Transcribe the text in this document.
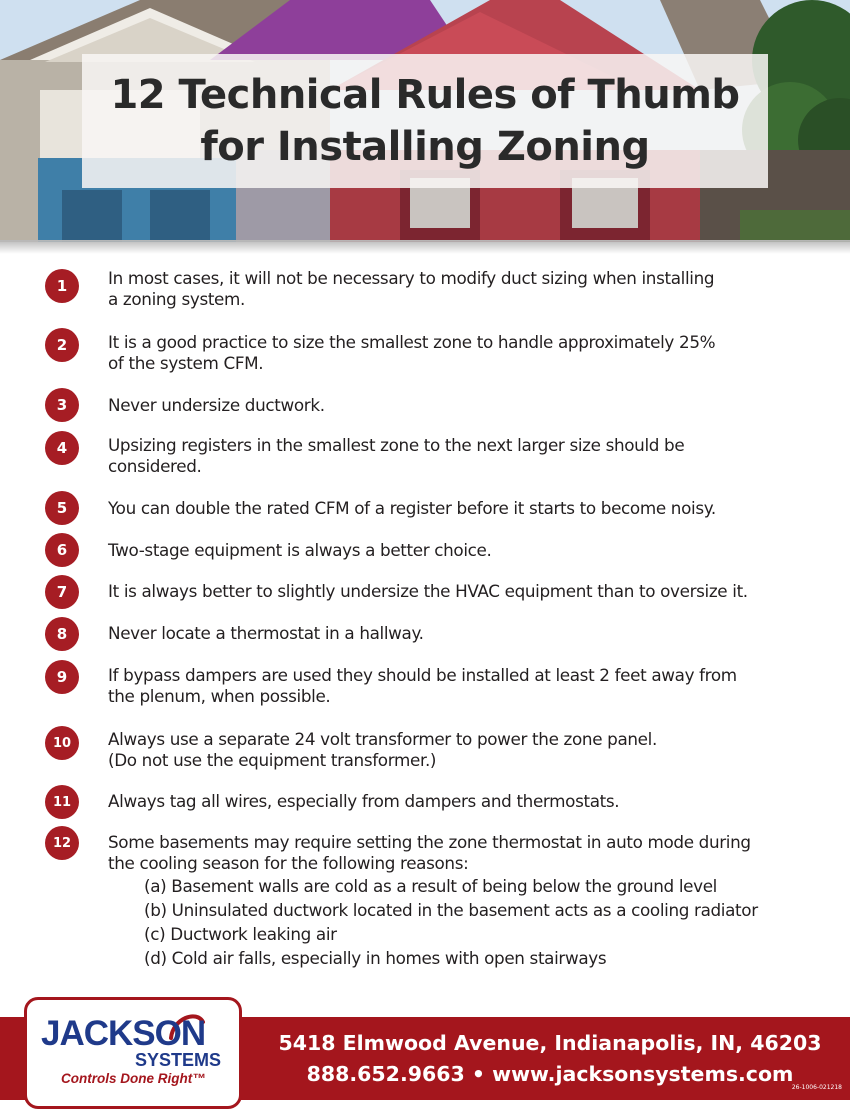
12 Technical Rules of Thumb
for Installing Zoning
1	In most cases, it will not be necessary to modify duct sizing when installing
a zoning system.
2	It is a good practice to size the smallest zone to handle approximately 25%
of the system CFM.
3	Never undersize ductwork.
4	Upsizing registers in the smallest zone to the next larger size should be
considered.
5	You can double the rated CFM of a register before it starts to become noisy.
6	Two-stage equipment is always a better choice.
7	It is always better to slightly undersize the HVAC equipment than to oversize it.
8	Never locate a thermostat in a hallway.
9	If bypass dampers are used they should be installed at least 2 feet away from
the plenum, when possible.
10	Always use a separate 24 volt transformer to power the zone panel.
(Do not use the equipment transformer.)
11	Always tag all wires, especially from dampers and thermostats.
12	Some basements may require setting the zone thermostat in auto mode during
the cooling season for the following reasons:
(a) Basement walls are cold as a result of being below the ground level
(b) Uninsulated ductwork located in the basement acts as a cooling radiator
(c) Ductwork leaking air
(d) Cold air falls, especially in homes with open stairways
JACKSON
SYSTEMS
Controls Done Right™
5418 Elmwood Avenue, Indianapolis, IN, 46203
888.652.9663 • www.jacksonsystems.com
26-1006-021218
